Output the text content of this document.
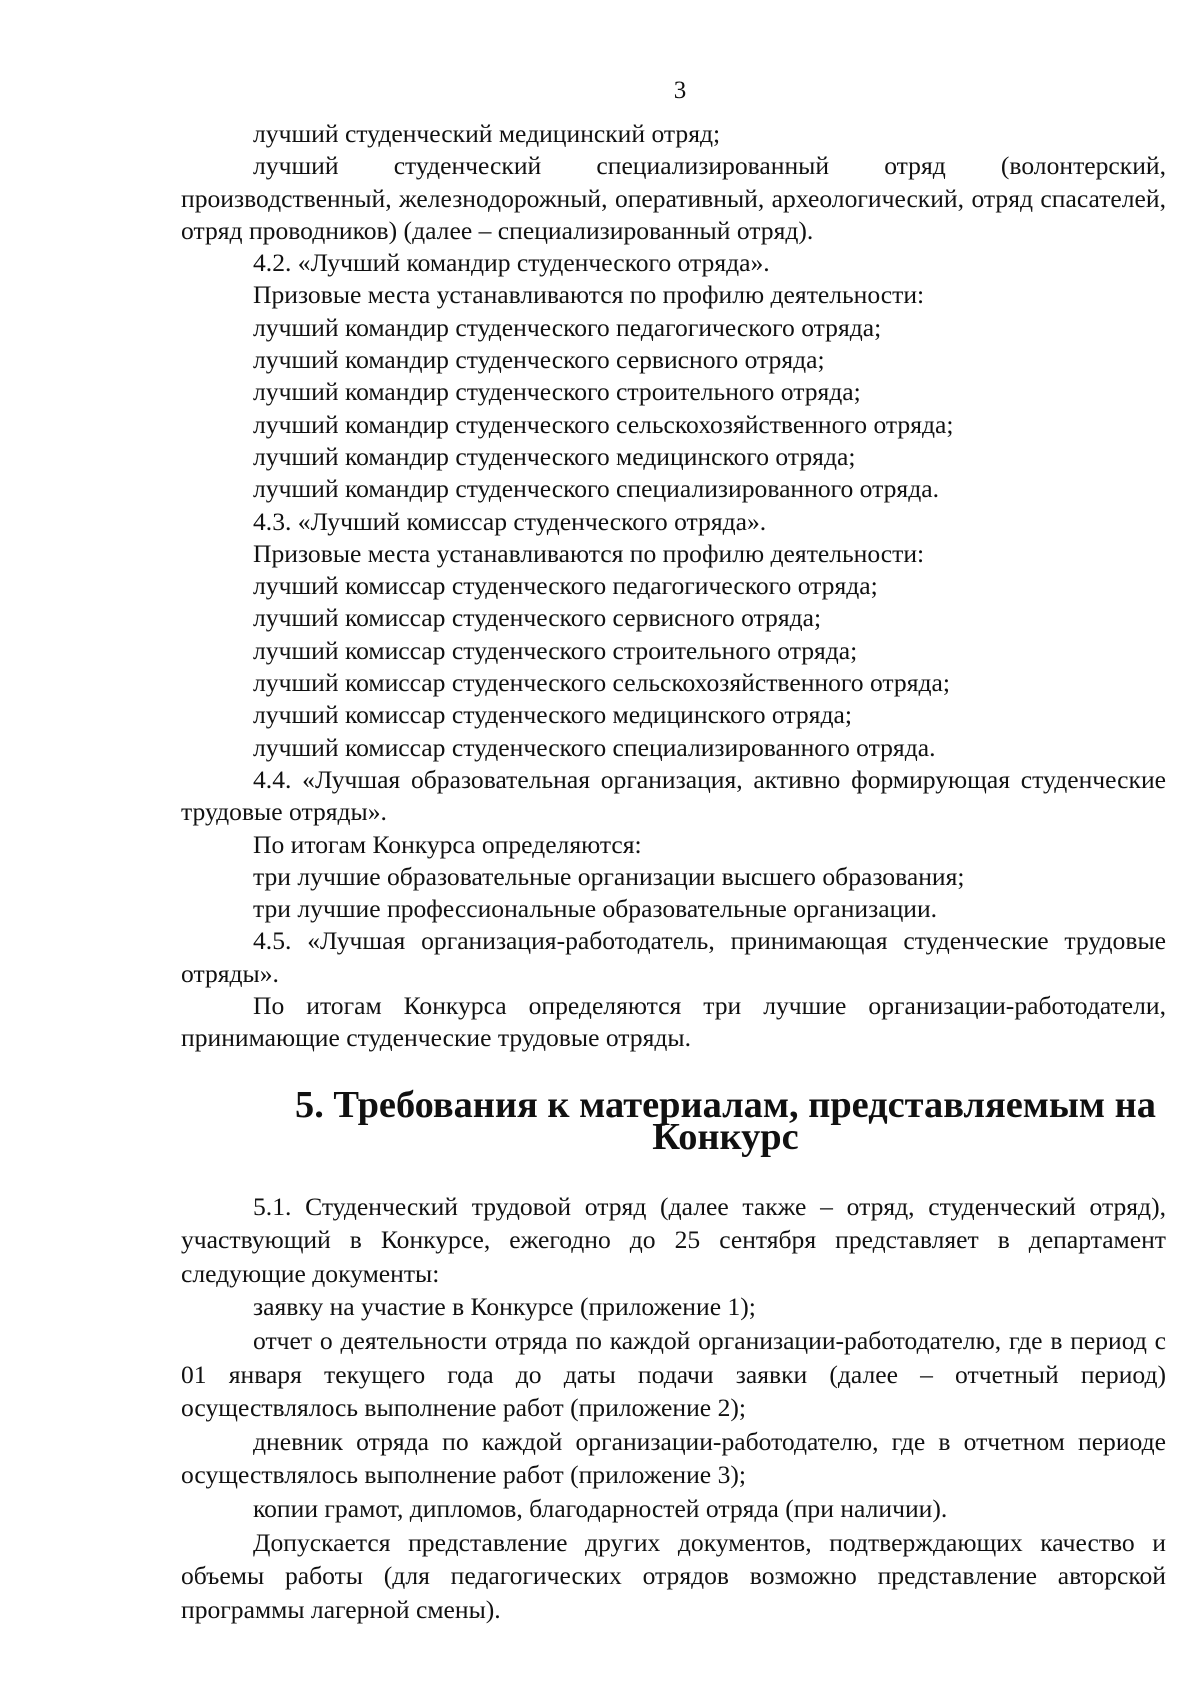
3

лучший студенческий медицинский отряд;

лучший студенческий специализированный отряд (волонтерский, производственный, железнодорожный, оперативный, археологический, отряд спасателей, отряд проводников) (далее – специализированный отряд).

4.2. «Лучший командир студенческого отряда».

Призовые места устанавливаются по профилю деятельности:

лучший командир студенческого педагогического отряда;

лучший командир студенческого сервисного отряда;

лучший командир студенческого строительного отряда;

лучший командир студенческого сельскохозяйственного отряда;

лучший командир студенческого медицинского отряда;

лучший командир студенческого специализированного отряда.

4.3. «Лучший комиссар студенческого отряда».

Призовые места устанавливаются по профилю деятельности:

лучший комиссар студенческого педагогического отряда;

лучший комиссар студенческого сервисного отряда;

лучший комиссар студенческого строительного отряда;

лучший комиссар студенческого сельскохозяйственного отряда;

лучший комиссар студенческого медицинского отряда;

лучший комиссар студенческого специализированного отряда.

4.4. «Лучшая образовательная организация, активно формирующая студенческие трудовые отряды».

По итогам Конкурса определяются:

три лучшие образовательные организации высшего образования;

три лучшие профессиональные образовательные организации.

4.5. «Лучшая организация-работодатель, принимающая студенческие трудовые отряды».

По итогам Конкурса определяются три лучшие организации-работодатели, принимающие студенческие трудовые отряды.

5. Требования к материалам, представляемым на Конкурс

5.1. Студенческий трудовой отряд (далее также – отряд, студенческий отряд), участвующий в Конкурсе, ежегодно до 25 сентября представляет в департамент следующие документы:

заявку на участие в Конкурсе (приложение 1);

отчет о деятельности отряда по каждой организации-работодателю, где в период с 01 января текущего года до даты подачи заявки (далее – отчетный период) осуществлялось выполнение работ (приложение 2);

дневник отряда по каждой организации-работодателю, где в отчетном периоде осуществлялось выполнение работ (приложение 3);

копии грамот, дипломов, благодарностей отряда (при наличии).

Допускается представление других документов, подтверждающих качество и объемы работы (для педагогических отрядов возможно представление авторской программы лагерной смены).
